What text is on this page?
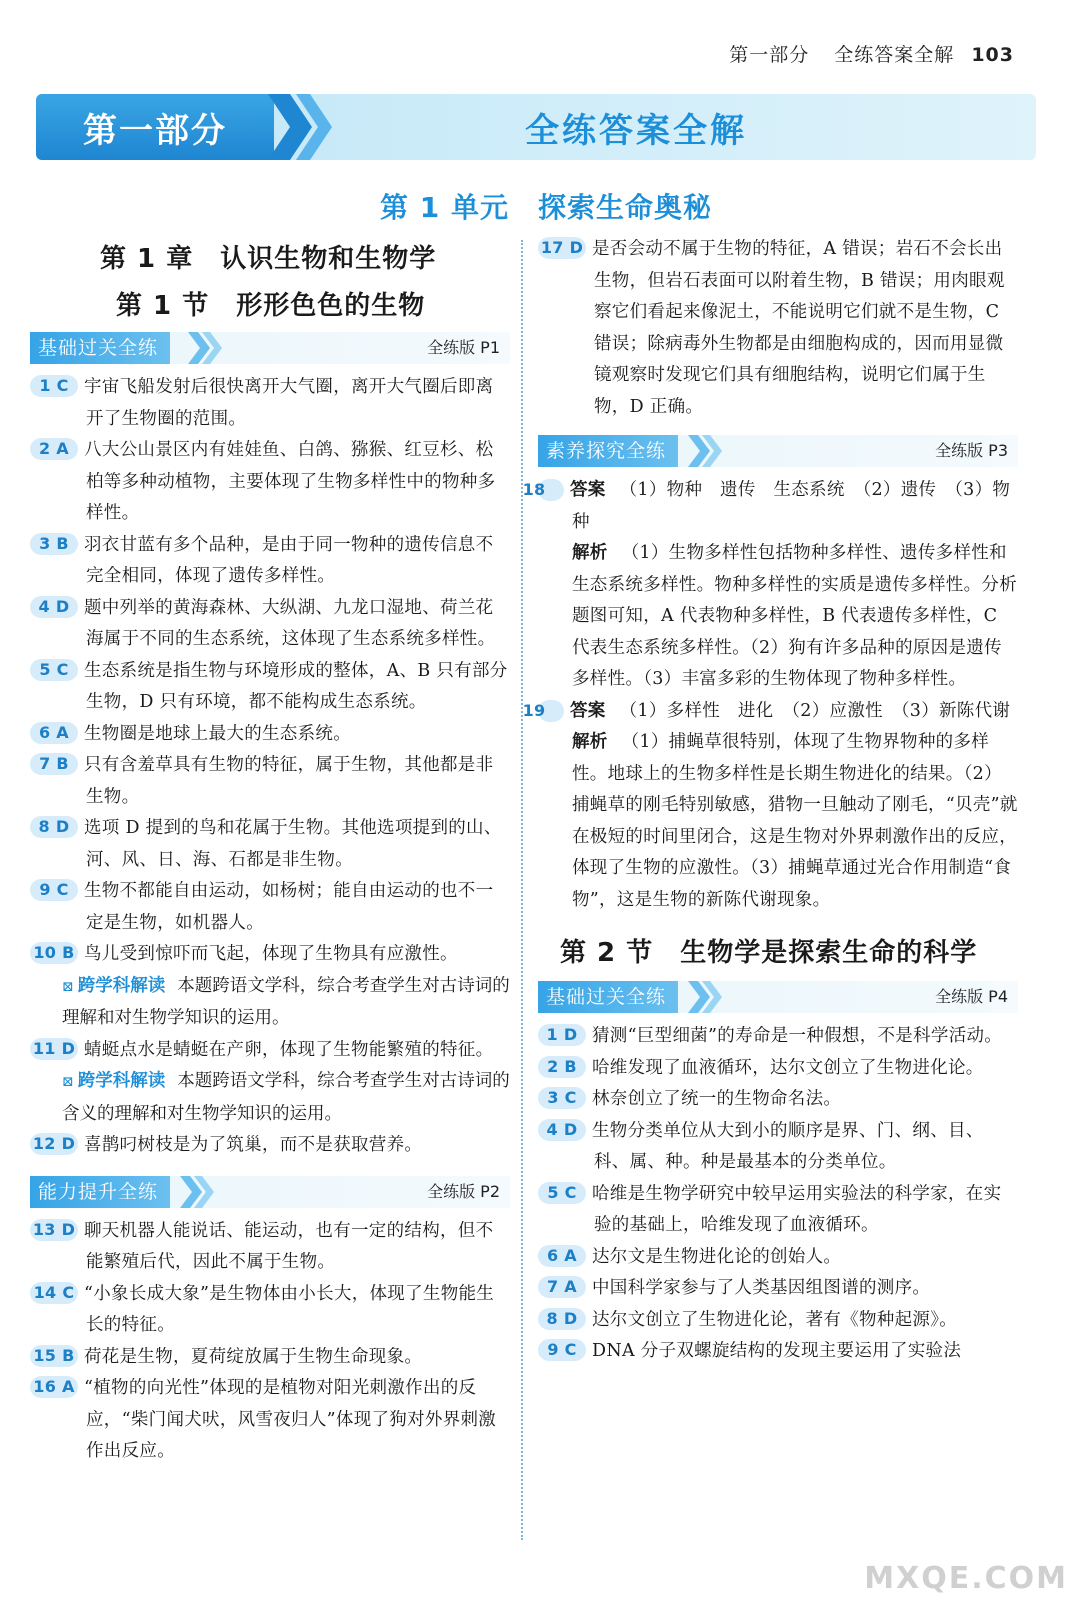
第一部分 全练答案全解 103
第一部分	全练答案全解
第 1 单元　探索生命奥秘
第 1 章　认识生物和生物学
第 1 节　形形色色的生物
基础过关全练	全练版 P1

1 C 宇宙飞船发射后很快离开大气圈，离开大气圈后即离开了生物圈的范围。

2 A 八大公山景区内有娃娃鱼、白鸽、猕猴、红豆杉、松柏等多种动植物，主要体现了生物多样性中的物种多样性。

3 B 羽衣甘蓝有多个品种，是由于同一物种的遗传信息不完全相同，体现了遗传多样性。

4 D 题中列举的黄海森林、大纵湖、九龙口湿地、荷兰花海属于不同的生态系统，这体现了生态系统多样性。

5 C 生态系统是指生物与环境形成的整体，A、B 只有部分生物，D 只有环境，都不能构成生态系统。

6 A 生物圈是地球上最大的生态系统。

7 B 只有含羞草具有生物的特征，属于生物，其他都是非生物。

8 D 选项 D 提到的鸟和花属于生物。其他选项提到的山、河、风、日、海、石都是非生物。

9 C 生物不都能自由运动，如杨树；能自由运动的也不一定是生物，如机器人。

10 B 鸟儿受到惊吓而飞起，体现了生物具有应激性。

⊠ 跨学科解读 本题跨语文学科，综合考查学生对古诗词的理解和对生物学知识的运用。

11 D 蜻蜓点水是蜻蜓在产卵，体现了生物能繁殖的特征。

⊠ 跨学科解读 本题跨语文学科，综合考查学生对古诗词的含义的理解和对生物学知识的运用。

12 D 喜鹊叼树枝是为了筑巢，而不是获取营养。

能力提升全练	全练版 P2

13 D 聊天机器人能说话、能运动，也有一定的结构，但不能繁殖后代，因此不属于生物。

14 C “小象长成大象”是生物体由小长大，体现了生物能生长的特征。

15 B 荷花是生物，夏荷绽放属于生物生命现象。

16 A “植物的向光性”体现的是植物对阳光刺激作出的反应，“柴门闻犬吠，风雪夜归人”体现了狗对外界刺激作出反应。

17 D 是否会动不属于生物的特征，A 错误；岩石不会长出生物，但岩石表面可以附着生物，B 错误；用肉眼观察它们看起来像泥土，不能说明它们就不是生物，C 错误；除病毒外生物都是由细胞构成的，因而用显微镜观察时发现它们具有细胞结构，说明它们属于生物，D 正确。

素养探究全练	全练版 P3

18 答案 （1）物种　遗传　生态系统　（2）遗传　（3）物种

解析 （1）生物多样性包括物种多样性、遗传多样性和生态系统多样性。物种多样性的实质是遗传多样性。分析题图可知，A 代表物种多样性，B 代表遗传多样性，C 代表生态系统多样性。（2）狗有许多品种的原因是遗传多样性。（3）丰富多彩的生物体现了物种多样性。

19 答案 （1）多样性　进化　（2）应激性　（3）新陈代谢

解析 （1）捕蝇草很特别，体现了生物界物种的多样性。地球上的生物多样性是长期生物进化的结果。（2）捕蝇草的刚毛特别敏感，猎物一旦触动了刚毛，“贝壳”就在极短的时间里闭合，这是生物对外界刺激作出的反应，体现了生物的应激性。（3）捕蝇草通过光合作用制造“食物”，这是生物的新陈代谢现象。

第 2 节　生物学是探索生命的科学
基础过关全练	全练版 P4

1 D 猜测“巨型细菌”的寿命是一种假想，不是科学活动。

2 B 哈维发现了血液循环，达尔文创立了生物进化论。

3 C 林奈创立了统一的生物命名法。

4 D 生物分类单位从大到小的顺序是界、门、纲、目、科、属、种。种是最基本的分类单位。

5 C 哈维是生物学研究中较早运用实验法的科学家，在实验的基础上，哈维发现了血液循环。

6 A 达尔文是生物进化论的创始人。

7 A 中国科学家参与了人类基因组图谱的测序。

8 D 达尔文创立了生物进化论，著有《物种起源》。

9 C DNA 分子双螺旋结构的发现主要运用了实验法

MXQE.COM
